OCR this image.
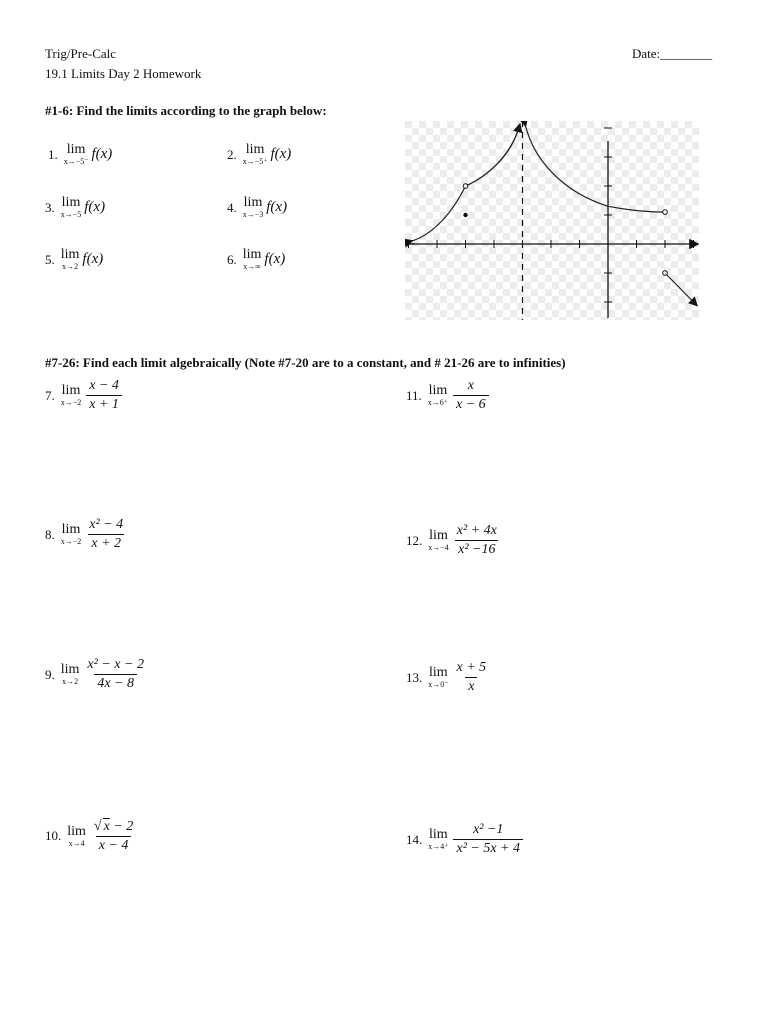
Trig/Pre-Calc
19.1 Limits Day 2 Homework
Date:________
#1-6: Find the limits according to the graph below:
1. lim
x→−5⁻ f(x)	2. lim
x→−5⁺ f(x)
3. lim
x→−5 f(x)	4. lim
x→−3 f(x)
5. lim
x→2 f(x)	6. lim
x→∞ f(x)
#7-26: Find each limit algebraically (Note #7-20 are to a constant, and # 21-26 are to infinities)
7. lim
$x\to-2 \frac{x - 4}{x + 1}$
8. lim
$x\to-2 \frac{\text{x² − 4}}{x + 2}$
9. lim
$x\to 2 \frac{\text{x² − x − 2}}{4x - 8}$
10. lim
$x\to 4 \frac{√ x - 2}{x - 4}$
11. lim
$x\to 6^+ \frac{x}{x - 6}$
12. lim
$x\to-4 \frac{\text{x² + 4x}}{\text{x² −16}}$
13. lim
$x\to 0^- \frac{x + 5}{x}$
14. lim
$x\to 4^+ \frac{\text{x² −1}}{\text{x² − 5x + 4}}$
